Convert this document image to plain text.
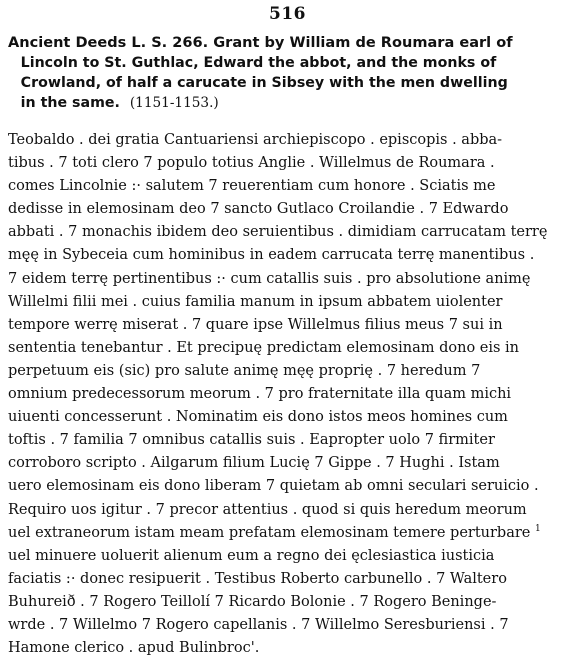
516
Ancient Deeds L. S. 266. Grant by William de Roumara earl of
Lincoln to St. Guthlac, Edward the abbot, and the monks of
Crowland, of half a carucate in Sibsey with the men dwelling
in the same. (1151-1153.)
Teobaldo . dei gratia Cantuariensi archiepiscopo . episcopis . abba-
tibus . 7 toti clero 7 populo totius Anglie . Willelmus de Roumara .
comes Lincolnie :· salutem 7 reuerentiam cum honore . Sciatis me
dedisse in elemosinam deo 7 sancto Gutlaco Croilandie . 7 Edwardo
abbati . 7 monachis ibidem deo seruientibus . dimidiam carrucatam terrę
mę̨ę in Sybeceia cum hominibus in eadem carrucata terrę manentibus .
7 eidem terrę pertinentibus :· cum catallis suis . pro absolutione animę
Willelmi filii mei . cuius familia manum in ipsum abbatem uiolenter
tempore werrę miserat . 7 quare ipse Willelmus filius meus 7 sui in
sententia tenebantur . Et precipuę predictam elemosinam dono eis in
perpetuum eis (sic) pro salute animę męę proprię . 7 heredum 7
omnium predecessorum meorum . 7 pro fraternitate illa quam michi
uiuenti concesserunt . Nominatim eis dono istos meos homines cum
toftis . 7 familia 7 omnibus catallis suis . Eapropter uolo 7 firmiter
corroboro scripto . Ailgarum filium Lucię 7 Gippe . 7 Hughi . Istam
uero elemosinam eis dono liberam 7 quietam ab omni seculari seruicio .
Requiro uos igitur . 7 precor attentius . quod si quis heredum meorum
uel extraneorum istam meam prefatam elemosinam temere perturbare $^1$
uel minuere uoluerit alienum eum a regno dei ęclesiastica iusticia
faciatis :· donec resipuerit . Testibus Roberto carbunello . 7 Waltero
Buhureið . 7 Rogero Teillolí 7 Ricardo Bolonie . 7 Rogero Beninge-
wrde . 7 Willelmo 7 Rogero capellanis . 7 Willelmo Seresburiensi . 7
Hamone clerico . apud Bulinbroc'.
